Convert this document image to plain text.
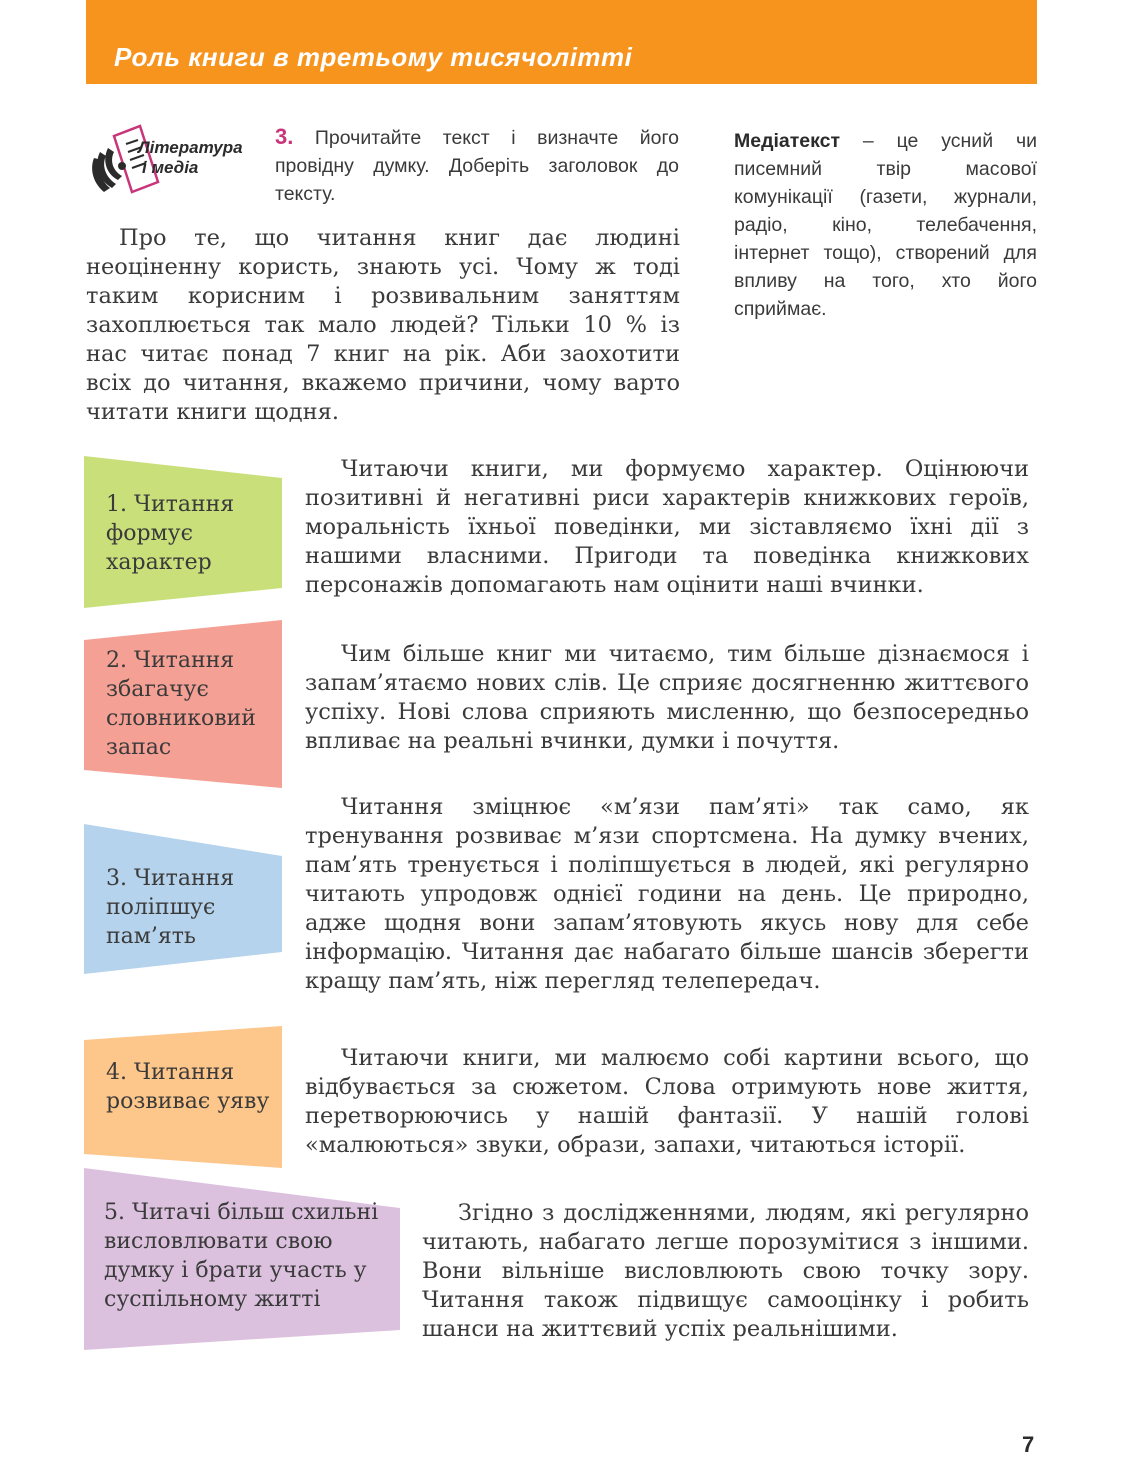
Роль книги в третьому тисячолітті
Література
і медіа
3. Прочитайте текст і визначте його провідну думку. Доберіть заголовок до тексту.
Медіатекст – це усний чи писемний твір масової комунікації (газети, журнали, радіо, кіно, телебачення, інтернет тощо), створений для впливу на того, хто його сприймає.
Про те, що читання книг дає людині неоціненну користь, знають усі. Чому ж тоді таким корисним і розвивальним заняттям захоплюється так мало людей? Тільки 10 % із нас читає понад 7 книг на рік. Аби заохотити всіх до читання, вкажемо причини, чому варто читати книги щодня.
1. Читання формує характер
Читаючи книги, ми формуємо характер. Оцінюючи позитивні й негативні риси характерів книжкових героїв, моральність їхньої поведінки, ми зіставляємо їхні дії з нашими власними. Пригоди та поведінка книжкових персонажів допомагають нам оцінити наші вчинки.
2. Читання збагачує словниковий запас
Чим більше книг ми читаємо, тим більше дізнаємося і запам’ятаємо нових слів. Це сприяє досягненню життєвого успіху. Нові слова сприяють мисленню, що безпосередньо впливає на реальні вчинки, думки і почуття.
3. Читання поліпшує пам’ять
Читання зміцнює «м’язи пам’яті» так само, як тренування розвиває м’язи спортсмена. На думку вчених, пам’ять тренується і поліпшується в людей, які регулярно читають упродовж однієї години на день. Це природно, адже щодня вони запам’ятовують якусь нову для себе інформацію. Читання дає набагато більше шансів зберегти кращу пам’ять, ніж перегляд телепередач.
4. Читання розвиває уяву
Читаючи книги, ми малюємо собі картини всього, що відбувається за сюжетом. Слова отримують нове життя, перетворюючись у нашій фантазії. У нашій голові «малюються» звуки, образи, запахи, читаються історії.
5. Читачі більш схильні висловлювати свою думку і брати участь у суспільному житті
Згідно з дослідженнями, людям, які регулярно читають, набагато легше порозумітися з іншими. Вони вільніше висловлюють свою точку зору. Читання також підвищує самооцінку і робить шанси на життєвий успіх реальнішими.
7
